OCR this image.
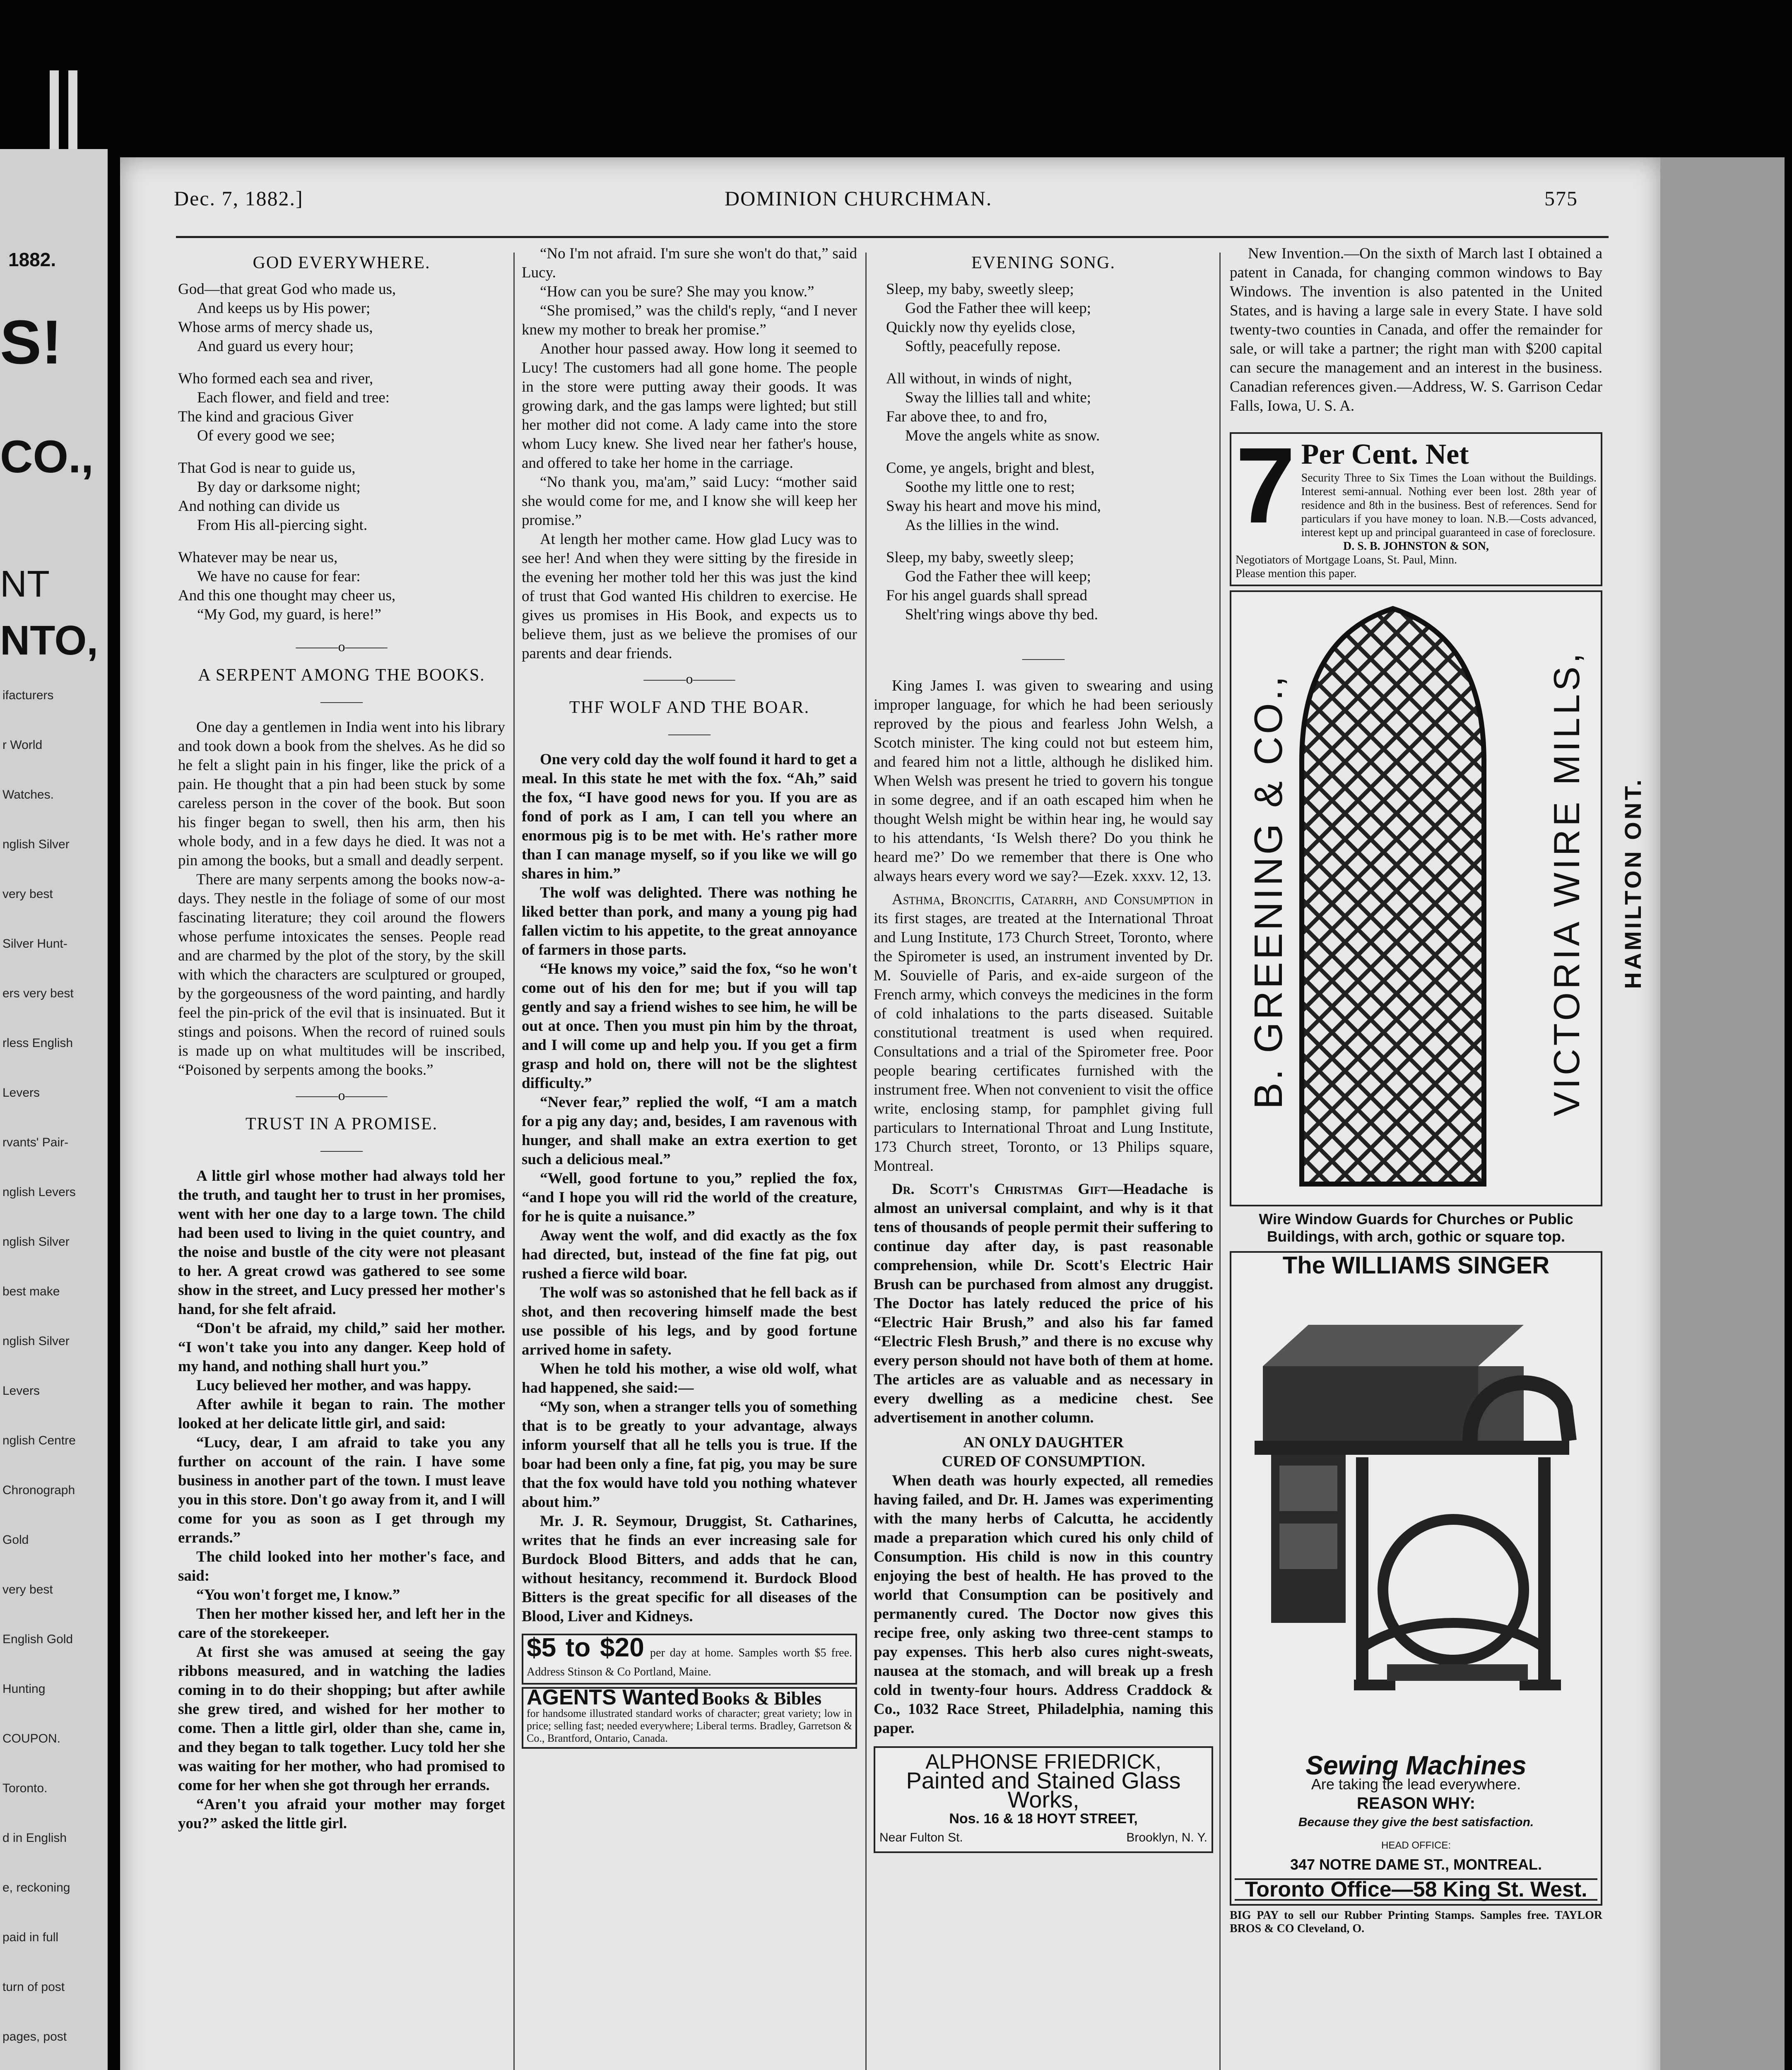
1882.
S!
CO.,
NT
NTO,
ifacturers
r World
Watches.
nglish Silver
very best
Silver Hunt-
ers very best
rless English
Levers
rvants' Pair-
nglish Levers
nglish Silver
best make
nglish Silver
Levers
nglish Centre
Chronograph
Gold
very best
English Gold
Hunting
COUPON.
Toronto.
d in English
e, reckoning
paid in full
turn of post
pages, post
Dec. 7, 1882.]	DOMINION CHURCHMAN.	575
GOD EVERYWHERE.
God—that great God who made us,
And keeps us by His power;
Whose arms of mercy shade us,
And guard us every hour;
Who formed each sea and river,
Each flower, and field and tree:
The kind and gracious Giver
Of every good we see;
That God is near to guide us,
By day or darksome night;
And nothing can divide us
From His all-piercing sight.
Whatever may be near us,
We have no cause for fear:
And this one thought may cheer us,
“My God, my guard, is here!”
———o———
A SERPENT AMONG THE BOOKS.
———

One day a gentlemen in India went into his library and took down a book from the shelves. As he did so he felt a slight pain in his finger, like the prick of a pain. He thought that a pin had been stuck by some careless person in the cover of the book. But soon his finger began to swell, then his arm, then his whole body, and in a few days he died. It was not a pin among the books, but a small and deadly serpent.

There are many serpents among the books now-a-days. They nestle in the foliage of some of our most fascinating literature; they coil around the flowers whose perfume intoxicates the senses. People read and are charmed by the plot of the story, by the skill with which the characters are sculptured or grouped, by the gorgeousness of the word painting, and hardly feel the pin-prick of the evil that is insinuated. But it stings and poisons. When the record of ruined souls is made up on what multitudes will be inscribed, “Poisoned by serpents among the books.”

———o———
TRUST IN A PROMISE.
———

A little girl whose mother had always told her the truth, and taught her to trust in her promises, went with her one day to a large town. The child had been used to living in the quiet country, and the noise and bustle of the city were not pleasant to her. A great crowd was gathered to see some show in the street, and Lucy pressed her mother's hand, for she felt afraid.

“Don't be afraid, my child,” said her mother. “I won't take you into any danger. Keep hold of my hand, and nothing shall hurt you.”

Lucy believed her mother, and was happy.

After awhile it began to rain. The mother looked at her delicate little girl, and said:

“Lucy, dear, I am afraid to take you any further on account of the rain. I have some business in another part of the town. I must leave you in this store. Don't go away from it, and I will come for you as soon as I get through my errands.”

The child looked into her mother's face, and said:

“You won't forget me, I know.”

Then her mother kissed her, and left her in the care of the storekeeper.

At first she was amused at seeing the gay ribbons measured, and in watching the ladies coming in to do their shopping; but after awhile she grew tired, and wished for her mother to come. Then a little girl, older than she, came in, and they began to talk together. Lucy told her she was waiting for her mother, who had promised to come for her when she got through her errands.

“Aren't you afraid your mother may forget you?” asked the little girl.

“No I'm not afraid. I'm sure she won't do that,” said Lucy.

“How can you be sure? She may you know.”

“She promised,” was the child's reply, “and I never knew my mother to break her promise.”

Another hour passed away. How long it seemed to Lucy! The customers had all gone home. The people in the store were putting away their goods. It was growing dark, and the gas lamps were lighted; but still her mother did not come. A lady came into the store whom Lucy knew. She lived near her father's house, and offered to take her home in the carriage.

“No thank you, ma'am,” said Lucy: “mother said she would come for me, and I know she will keep her promise.”

At length her mother came. How glad Lucy was to see her! And when they were sitting by the fireside in the evening her mother told her this was just the kind of trust that God wanted His children to exercise. He gives us promises in His Book, and expects us to believe them, just as we believe the promises of our parents and dear friends.

———o———
THF WOLF AND THE BOAR.
———

One very cold day the wolf found it hard to get a meal. In this state he met with the fox. “Ah,” said the fox, “I have good news for you. If you are as fond of pork as I am, I can tell you where an enormous pig is to be met with. He's rather more than I can manage myself, so if you like we will go shares in him.”

The wolf was delighted. There was nothing he liked better than pork, and many a young pig had fallen victim to his appetite, to the great annoyance of farmers in those parts.

“He knows my voice,” said the fox, “so he won't come out of his den for me; but if you will tap gently and say a friend wishes to see him, he will be out at once. Then you must pin him by the throat, and I will come up and help you. If you get a firm grasp and hold on, there will not be the slightest difficulty.”

“Never fear,” replied the wolf, “I am a match for a pig any day; and, besides, I am ravenous with hunger, and shall make an extra exertion to get such a delicious meal.”

“Well, good fortune to you,” replied the fox, “and I hope you will rid the world of the creature, for he is quite a nuisance.”

Away went the wolf, and did exactly as the fox had directed, but, instead of the fine fat pig, out rushed a fierce wild boar.

The wolf was so astonished that he fell back as if shot, and then recovering himself made the best use possible of his legs, and by good fortune arrived home in safety.

When he told his mother, a wise old wolf, what had happened, she said:—

“My son, when a stranger tells you of something that is to be greatly to your advantage, always inform yourself that all he tells you is true. If the boar had been only a fine, fat pig, you may be sure that the fox would have told you nothing whatever about him.”

Mr. J. R. Seymour, Druggist, St. Catharines, writes that he finds an ever increasing sale for Burdock Blood Bitters, and adds that he can, without hesitancy, recommend it. Burdock Blood Bitters is the great specific for all diseases of the Blood, Liver and Kidneys.

$5 to $20 per day at home. Samples worth $5 free. Address Stinson & Co Portland, Maine.
AGENTS Wanted Books & Bibles
for handsome illustrated standard works of character; great variety; low in price; selling fast; needed everywhere; Liberal terms. Bradley, Garretson & Co., Brantford, Ontario, Canada.
EVENING SONG.
Sleep, my baby, sweetly sleep;
God the Father thee will keep;
Quickly now thy eyelids close,
Softly, peacefully repose.
All without, in winds of night,
Sway the lillies tall and white;
Far above thee, to and fro,
Move the angels white as snow.
Come, ye angels, bright and blest,
Soothe my little one to rest;
Sway his heart and move his mind,
As the lillies in the wind.
Sleep, my baby, sweetly sleep;
God the Father thee will keep;
For his angel guards shall spread
Shelt'ring wings above thy bed.
———

King James I. was given to swearing and using improper language, for which he had been seriously reproved by the pious and fearless John Welsh, a Scotch minister. The king could not but esteem him, and feared him not a little, although he disliked him. When Welsh was present he tried to govern his tongue in some degree, and if an oath escaped him when he thought Welsh might be within hear ing, he would say to his attendants, ‘Is Welsh there? Do you think he heard me?’ Do we remember that there is One who always hears every word we say?—Ezek. xxxv. 12, 13.

Asthma, Broncitis, Catarrh, and Consumption in its first stages, are treated at the International Throat and Lung Institute, 173 Church Street, Toronto, where the Spirometer is used, an instrument invented by Dr. M. Souvielle of Paris, and ex-aide surgeon of the French army, which conveys the medicines in the form of cold inhalations to the parts diseased. Suitable constitutional treatment is used when required. Consultations and a trial of the Spirometer free. Poor people bearing certificates furnished with the instrument free. When not convenient to visit the office write, enclosing stamp, for pamphlet giving full particulars to International Throat and Lung Institute, 173 Church street, Toronto, or 13 Philips square, Montreal.

Dr. Scott's Christmas Gift—Headache is almost an universal complaint, and why is it that tens of thousands of people permit their suffering to continue day after day, is past reasonable comprehension, while Dr. Scott's Electric Hair Brush can be purchased from almost any druggist. The Doctor has lately reduced the price of his “Electric Hair Brush,” and also his far famed “Electric Flesh Brush,” and there is no excuse why every person should not have both of them at home. The articles are as valuable and as necessary in every dwelling as a medicine chest. See advertisement in another column.

AN ONLY DAUGHTER
CURED OF CONSUMPTION.

When death was hourly expected, all remedies having failed, and Dr. H. James was experimenting with the many herbs of Calcutta, he accidently made a preparation which cured his only child of Consumption. His child is now in this country enjoying the best of health. He has proved to the world that Consumption can be positively and permanently cured. The Doctor now gives this recipe free, only asking two three-cent stamps to pay expenses. This herb also cures night-sweats, nausea at the stomach, and will break up a fresh cold in twenty-four hours. Address Craddock & Co., 1032 Race Street, Philadelphia, naming this paper.

ALPHONSE FRIEDRICK,
Painted and Stained Glass
Works,
Nos. 16 & 18 HOYT STREET,
Near Fulton St.	Brooklyn, N. Y.

New Invention.—On the sixth of March last I obtained a patent in Canada, for changing common windows to Bay Windows. The invention is also patented in the United States, and is having a large sale in every State. I have sold twenty-two counties in Canada, and offer the remainder for sale, or will take a partner; the right man with $200 capital can secure the management and an interest in the business. Canadian references given.—Address, W. S. Garrison Cedar Falls, Iowa, U. S. A.

7 Per Cent. Net
Security Three to Six Times the Loan without the Buildings. Interest semi-annual. Nothing ever been lost. 28th year of residence and 8th in the business. Best of references. Send for particulars if you have money to loan. N.B.—Costs advanced, interest kept up and principal guaranteed in case of foreclosure.
D. S. B. JOHNSTON & SON,
Negotiators of Mortgage Loans, St. Paul, Minn.
Please mention this paper.
B. GREENING & CO.,	VICTORIA WIRE MILLS, HAMILTON ONT.
Wire Window Guards for Churches or Public Buildings, with arch, gothic or square top.
The WILLIAMS SINGER
Sewing Machines
Are taking the lead everywhere.
REASON WHY:
Because they give the best satisfaction.
HEAD OFFICE:
347 NOTRE DAME ST., MONTREAL.
Toronto Office—58 King St. West.
BIG PAY to sell our Rubber Printing Stamps. Samples free. TAYLOR BROS & CO Cleveland, O.
